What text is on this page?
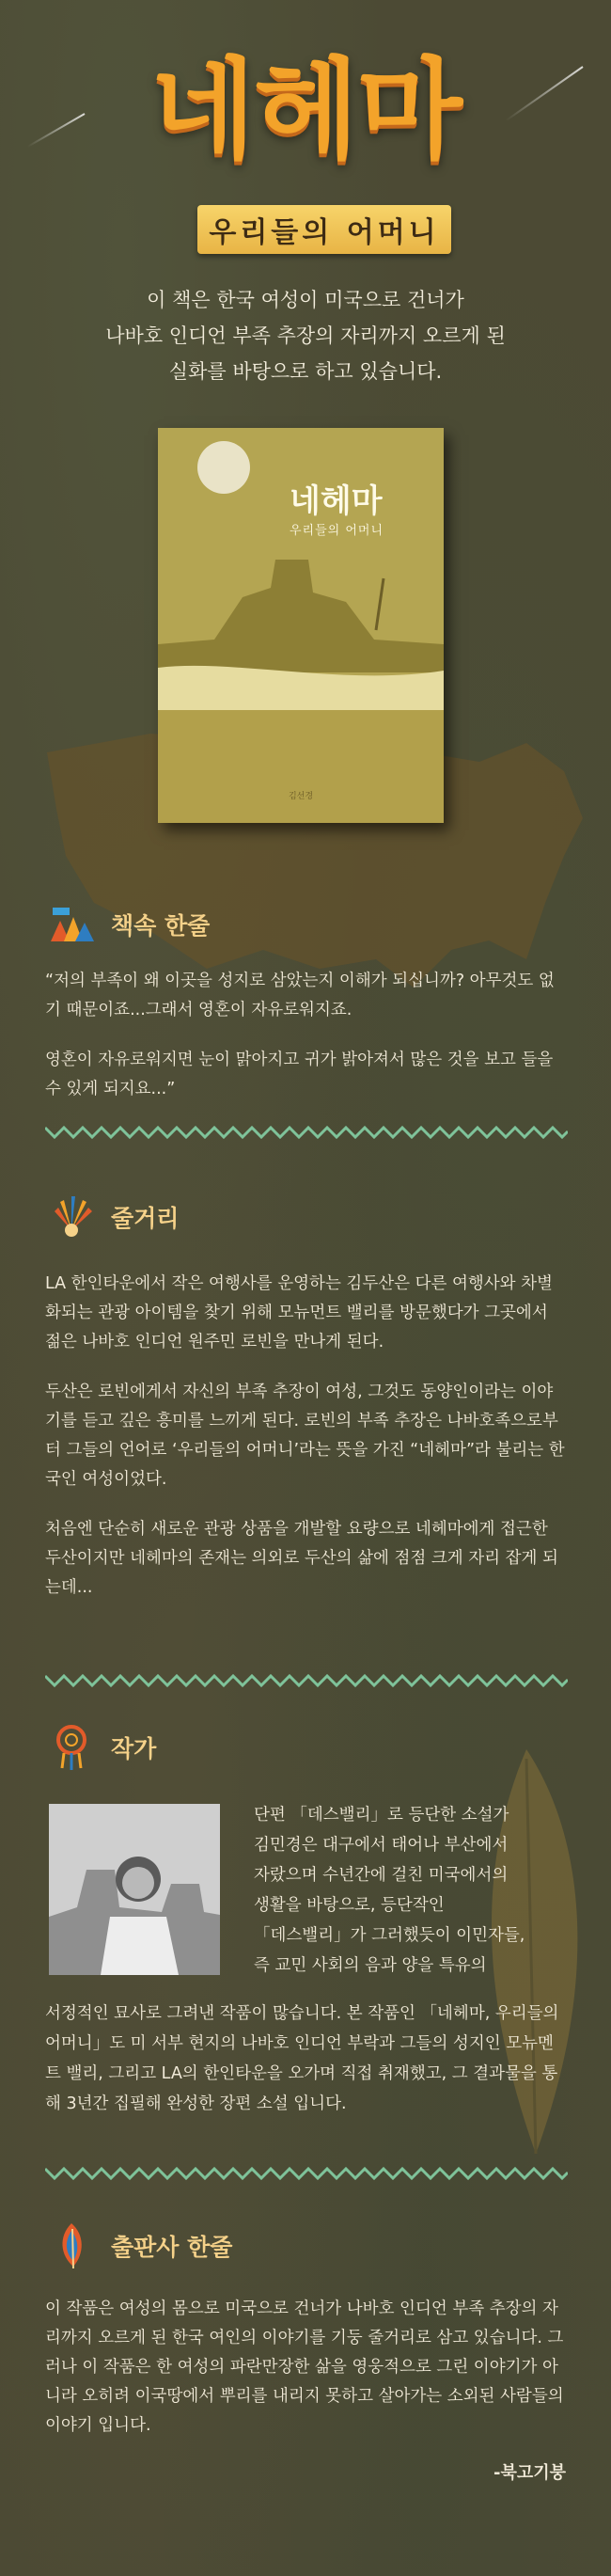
네헤마
우리들의 어머니
이 책은 한국 여성이 미국으로 건너가
나바호 인디언 부족 추장의 자리까지 오르게 된
실화를 바탕으로 하고 있습니다.
네헤마
우리들의 어머니
김선경
책속 한줄

“저의 부족이 왜 이곳을 성지로 삼았는지 이해가 되십니까? 아무것도 없기 때문이죠...그래서 영혼이 자유로워지죠.

영혼이 자유로워지면 눈이 맑아지고 귀가 밝아져서 많은 것을 보고 들을 수 있게 되지요...”

줄거리

LA 한인타운에서 작은 여행사를 운영하는 김두산은 다른 여행사와 차별화되는 관광 아이템을 찾기 위해 모뉴먼트 밸리를 방문했다가 그곳에서 젊은 나바호 인디언 원주민 로빈을 만나게 된다.

두산은 로빈에게서 자신의 부족 추장이 여성, 그것도 동양인이라는 이야기를 듣고 깊은 흥미를 느끼게 된다. 로빈의 부족 추장은 나바호족으로부터 그들의 언어로 ‘우리들의 어머니’라는 뜻을 가진 “네헤마”라 불리는 한국인 여성이었다.

처음엔 단순히 새로운 관광 상품을 개발할 요량으로 네헤마에게 접근한 두산이지만 네헤마의 존재는 의외로 두산의 삶에 점점 크게 자리 잡게 되는데...

작가
단편 「데스밸리」로 등단한 소설가
김민경은 대구에서 태어나 부산에서
자랐으며 수년간에 걸친 미국에서의
생활을 바탕으로, 등단작인
「데스밸리」가 그러했듯이 이민자들,
즉 교민 사회의 음과 양을 특유의
서정적인 묘사로 그려낸 작품이 많습니다. 본 작품인 「네헤마, 우리들의 어머니」도 미 서부 현지의 나바호 인디언 부락과 그들의 성지인 모뉴멘트 밸리, 그리고 LA의 한인타운을 오가며 직접 취재했고, 그 결과물을 통해 3년간 집필해 완성한 장편 소설 입니다.
출판사 한줄

이 작품은 여성의 몸으로 미국으로 건너가 나바호 인디언 부족 추장의 자리까지 오르게 된 한국 여인의 이야기를 기둥 줄거리로 삼고 있습니다. 그러나 이 작품은 한 여성의 파란만장한 삶을 영웅적으로 그린 이야기가 아니라 오히려 이국땅에서 뿌리를 내리지 못하고 살아가는 소외된 사람들의 이야기 입니다.

-북고기붕
